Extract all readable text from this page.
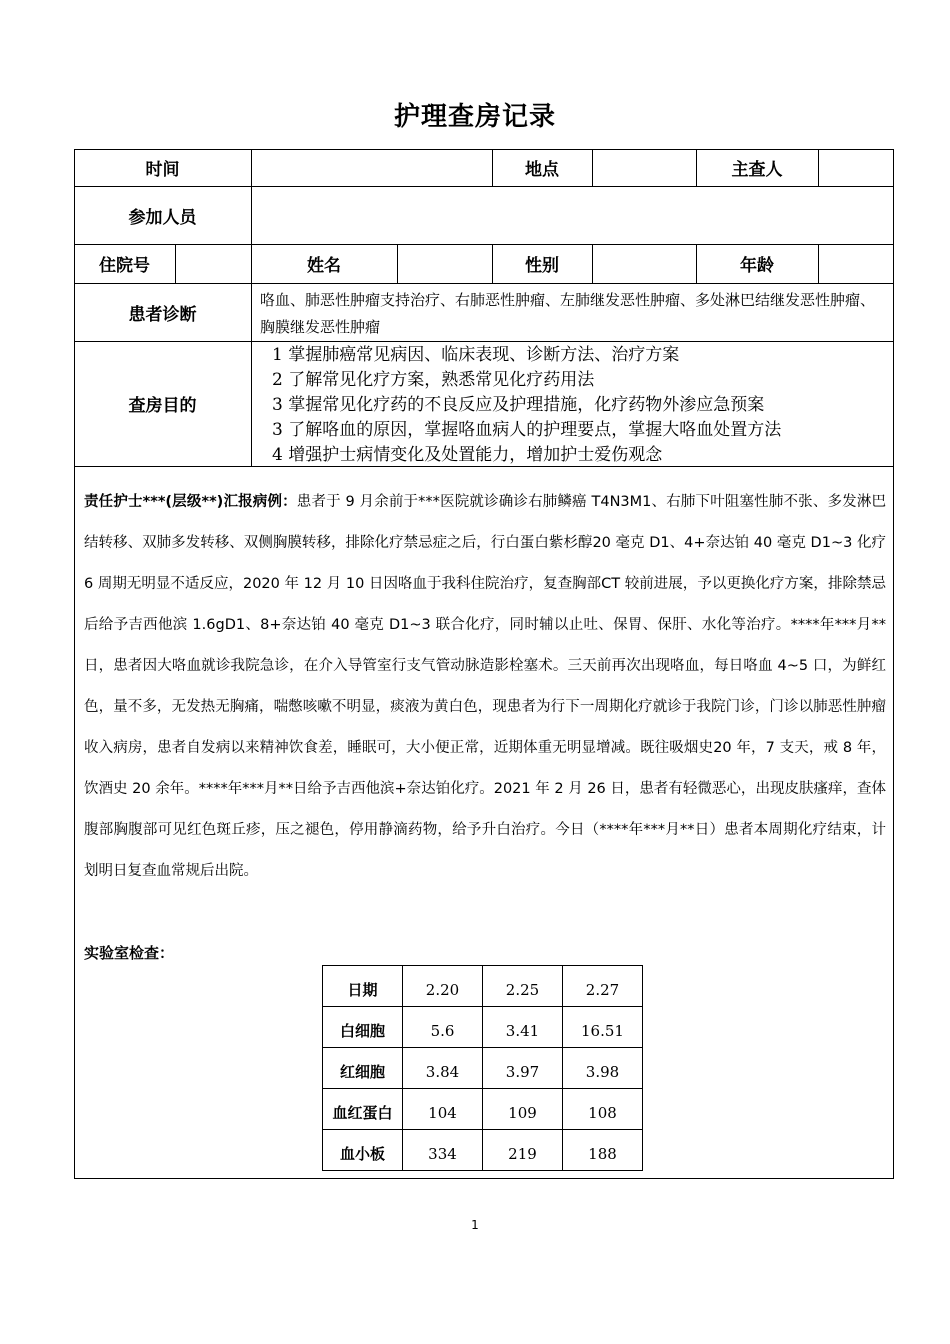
护理查房记录
时间	地点	主查人
参加人员
住院号	姓名	性别	年龄
患者诊断
咯血、肺恶性肿瘤支持治疗、右肺恶性肿瘤、左肺继发恶性肿瘤、多处淋巴结继发恶性肿瘤、胸膜继发恶性肿瘤
查房目的
1 掌握肺癌常见病因、临床表现、诊断方法、治疗方案
2 了解常见化疗方案，熟悉常见化疗药用法
3 掌握常见化疗药的不良反应及护理措施，化疗药物外渗应急预案
3 了解咯血的原因，掌握咯血病人的护理要点，掌握大咯血处置方法
4 增强护士病情变化及处置能力，增加护士爱伤观念
责任护士***(层级**)汇报病例：患者于 9 月余前于***医院就诊确诊右肺鳞癌 T4N3M1、右肺下叶阻塞性肺不张、多发淋巴结转移、双肺多发转移、双侧胸膜转移，排除化疗禁忌症之后，行白蛋白紫杉醇20 毫克 D1、4+奈达铂 40 毫克 D1~3 化疗 6 周期无明显不适反应，2020 年 12 月 10 日因咯血于我科住院治疗，复查胸部CT 较前进展，予以更换化疗方案，排除禁忌后给予吉西他滨 1.6gD1、8+奈达铂 40 毫克 D1~3 联合化疗，同时辅以止吐、保胃、保肝、水化等治疗。****年***月**日，患者因大咯血就诊我院急诊，在介入导管室行支气管动脉造影栓塞术。三天前再次出现咯血，每日咯血 4~5 口，为鲜红色，量不多，无发热无胸痛，喘憋咳嗽不明显，痰液为黄白色，现患者为行下一周期化疗就诊于我院门诊，门诊以肺恶性肿瘤收入病房，患者自发病以来精神饮食差，睡眠可，大小便正常，近期体重无明显增减。既往吸烟史20 年，7 支天，戒 8 年，饮酒史 20 余年。****年***月**日给予吉西他滨+奈达铂化疗。2021 年 2 月 26 日，患者有轻微恶心，出现皮肤瘙痒，查体腹部胸腹部可见红色斑丘疹，压之褪色，停用静滴药物，给予升白治疗。今日（****年***月**日）患者本周期化疗结束，计划明日复查血常规后出院。
实验室检查：
日期	2.20	2.25	2.27
白细胞	5.6	3.41	16.51
红细胞	3.84	3.97	3.98
血红蛋白	104	109	108
血小板	334	219	188
1
